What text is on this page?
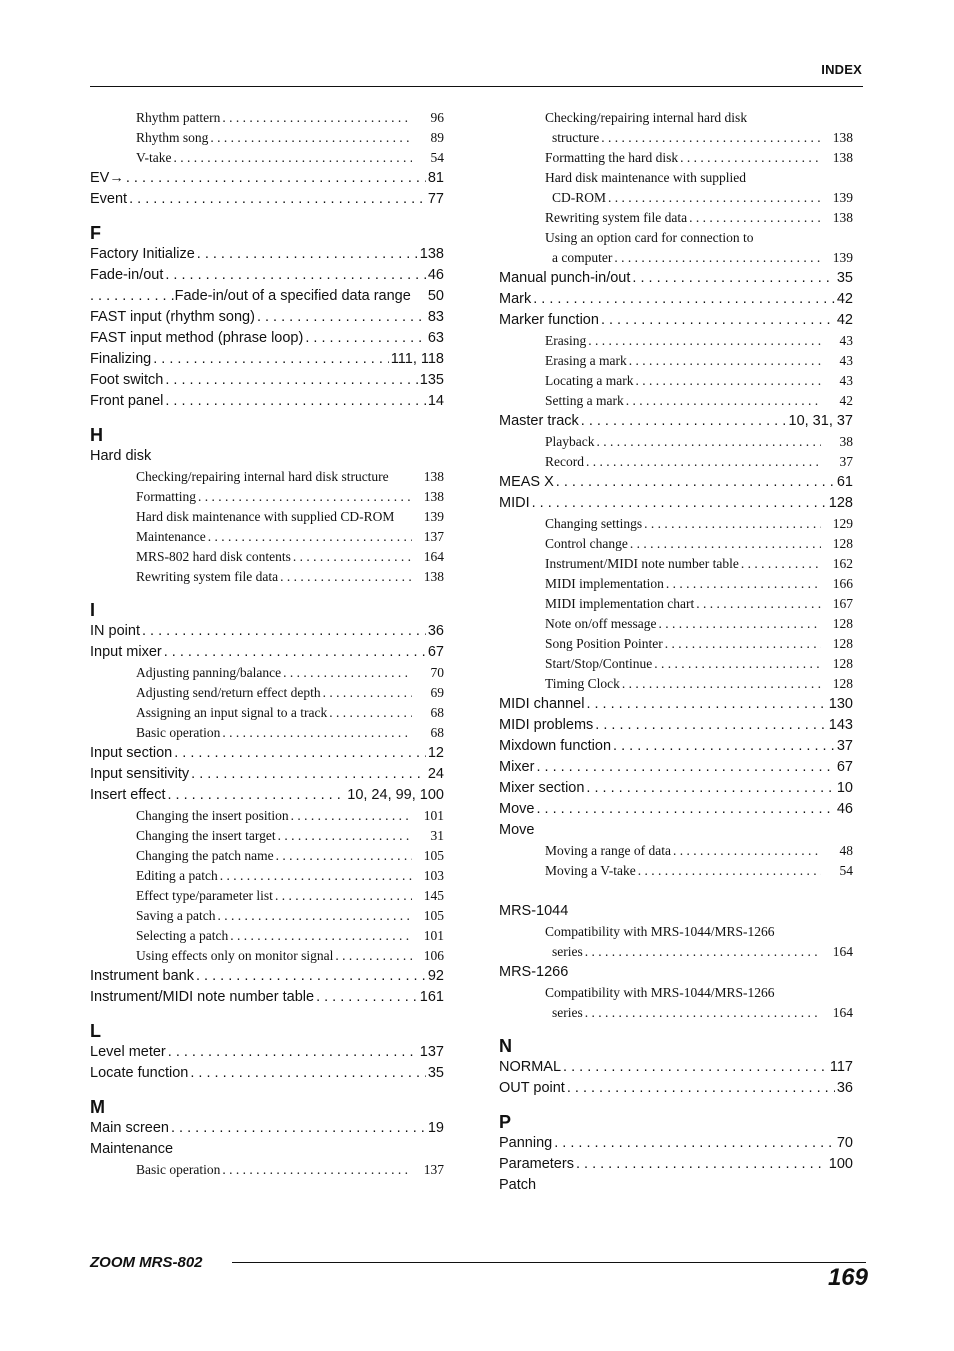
INDEX
Rhythm pattern . . .	96
Rhythm song . . .	89
V-take . . .	54
EV→ . . .	81
Event . . .	77
F
Factory Initialize . . .	138
Fade-in/out . . .	46
. . . . . . . . . . .Fade-in/out of a specified data range 50
FAST input (rhythm song) . . .	83
FAST input method (phrase loop) . . .	63
Finalizing . . .	111, 118
Foot switch . . .	135
Front panel . . .	14
H
Hard disk
Checking/repairing internal hard disk structure	138
Formatting . . .	138
Hard disk maintenance with supplied CD-ROM	139
Maintenance . . .	137
MRS-802 hard disk contents . . .	164
Rewriting system file data . . .	138
I
IN point . . .	36
Input mixer . . .	67
Adjusting panning/balance . . .	70
Adjusting send/return effect depth . . .	69
Assigning an input signal to a track . . .	68
Basic operation . . .	68
Input section . . .	12
Input sensitivity . . .	24
Insert effect . . .	10, 24, 99, 100
Changing the insert position . . .	101
Changing the insert target . . .	31
Changing the patch name . . .	105
Editing a patch . . .	103
Effect type/parameter list . . .	145
Saving a patch . . .	105
Selecting a patch . . .	101
Using effects only on monitor signal . . .	106
Instrument bank . . .	92
Instrument/MIDI note number table . . .	161
L
Level meter . . .	137
Locate function . . .	35
M
Main screen . . .	19
Maintenance
Basic operation . . .	137
Checking/repairing internal hard disk
structure . . .	138
Formatting the hard disk . . .	138
Hard disk maintenance with supplied
CD-ROM . . .	139
Rewriting system file data . . .	138
Using an option card for connection to
a computer . . .	139
Manual punch-in/out . . .	35
Mark . . .	42
Marker function . . .	42
Erasing . . .	43
Erasing a mark . . .	43
Locating a mark . . .	43
Setting a mark . . .	42
Master track . . .	10, 31, 37
Playback . . .	38
Record . . .	37
MEAS X . . .	61
MIDI . . .	128
Changing settings . . .	129
Control change . . .	128
Instrument/MIDI note number table . . .	162
MIDI implementation . . .	166
MIDI implementation chart . . .	167
Note on/off message . . .	128
Song Position Pointer . . .	128
Start/Stop/Continue . . .	128
Timing Clock . . .	128
MIDI channel . . .	130
MIDI problems . . .	143
Mixdown function . . .	37
Mixer . . .	67
Mixer section . . .	10
Move . . .	46
Move
Moving a range of data . . .	48
Moving a V-take . . .	54
MRS-1044
Compatibility with MRS-1044/MRS-1266
series . . .	164
MRS-1266
Compatibility with MRS-1044/MRS-1266
series . . .	164
N
NORMAL . . .	117
OUT point . . .	36
P
Panning . . .	70
Parameters . . .	100
Patch
ZOOM MRS-802
169
